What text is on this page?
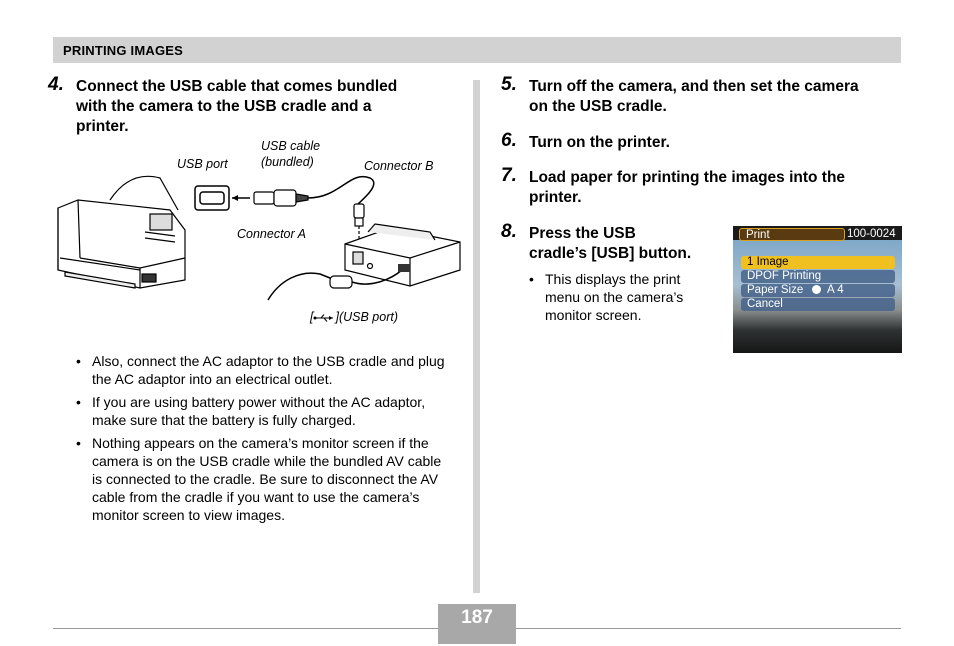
PRINTING IMAGES
4. Connect the USB cable that comes bundled
with the camera to the USB cradle and a
printer.
USB port
USB cable
(bundled)	Connector B
Connector A
[ ](USB port)
• Also, connect the AC adaptor to the USB cradle and plug the AC adaptor into an electrical outlet.
• If you are using battery power without the AC adaptor, make sure that the battery is fully charged.
• Nothing appears on the camera’s monitor screen if the camera is on the USB cradle while the bundled AV cable is connected to the cradle. Be sure to disconnect the AV cable from the cradle if you want to use the camera’s monitor screen to view images.
5. Turn off the camera, and then set the camera
on the USB cradle.
6. Turn on the printer.
7. Load paper for printing the images into the
printer.
8. Press the USB
cradle’s [USB] button.
• This displays the print menu on the camera’s monitor screen.
Print	100-0024
1 Image
DPOF Printing
Paper Size A 4
Cancel
187
